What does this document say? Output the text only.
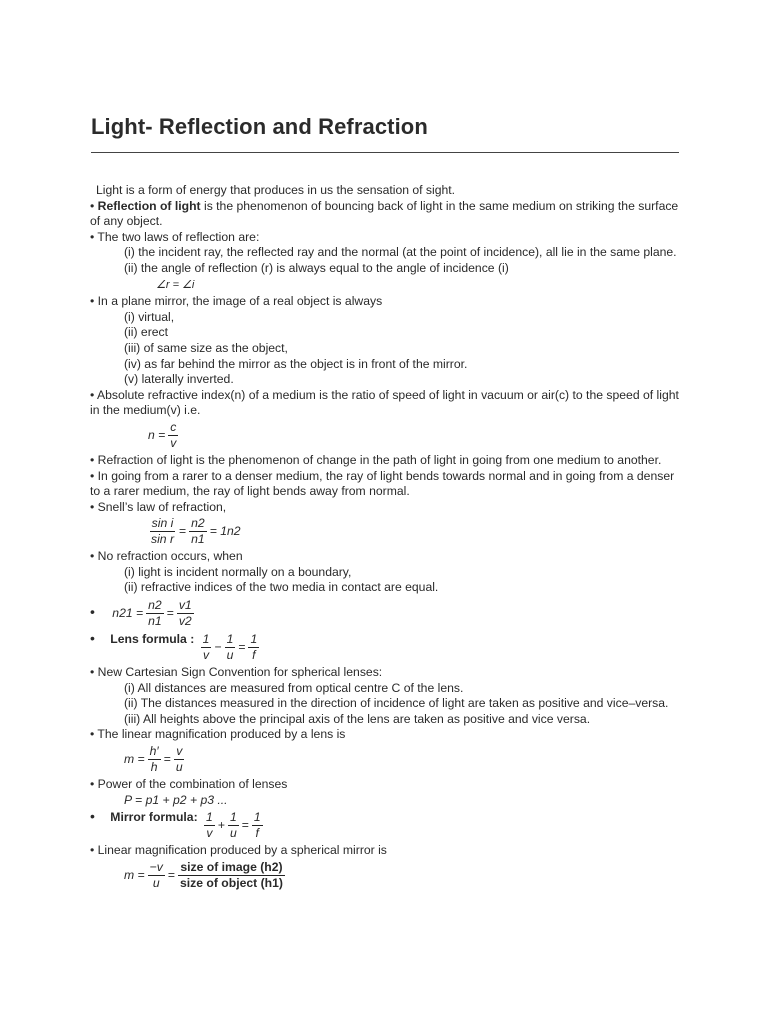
Light- Reflection and Refraction

Light is a form of energy that produces in us the sensation of sight.

• Reflection of light is the phenomenon of bouncing back of light in the same medium on striking the surface of any object.

• The two laws of reflection are:

(i) the incident ray, the reflected ray and the normal (at the point of incidence), all lie in the same plane.

(ii) the angle of reflection (r) is always equal to the angle of incidence (i)

∠r = ∠i

• In a plane mirror, the image of a real object is always

(i) virtual,

(ii) erect

(iii) of same size as the object,

(iv) as far behind the mirror as the object is in front of the mirror.

(v) laterally inverted.

• Absolute refractive index(n) of a medium is the ratio of speed of light in vacuum or air(c) to the speed of light in the medium(v) i.e.

$n = \frac{c}{v}$

• Refraction of light is the phenomenon of change in the path of light in going from one medium to another.

• In going from a rarer to a denser medium, the ray of light bends towards normal and in going from a denser to a rarer medium, the ray of light bends away from normal.

• Snell’s law of refraction,

$\frac{\text{sin i}}{\text{sin r}} = \frac{n2}{n1} = 1n2$

• No refraction occurs, when

(i) light is incident normally on a boundary,

(ii) refractive indices of the two media in contact are equal.

• $n21 = \frac{n2}{n1} = \frac{v1}{v2}$
• Lens formula : $\frac{1}{v} - \frac{1}{u} = \frac{1}{f}$

• New Cartesian Sign Convention for spherical lenses:

(i) All distances are measured from optical centre C of the lens.

(ii) The distances measured in the direction of incidence of light are taken as positive and vice–versa.

(iii) All heights above the principal axis of the lens are taken as positive and vice versa.

• The linear magnification produced by a lens is

$m = \frac{h'}{h} = \frac{v}{u}$

• Power of the combination of lenses

P = p1 + p2 + p3 ...

• Mirror formula: $\frac{1}{v} + \frac{1}{u} = \frac{1}{f}$

• Linear magnification produced by a spherical mirror is

$m = \frac{-v}{u} = \frac{\text{size of image (h2)}}{\text{size of object (h1)}}$
